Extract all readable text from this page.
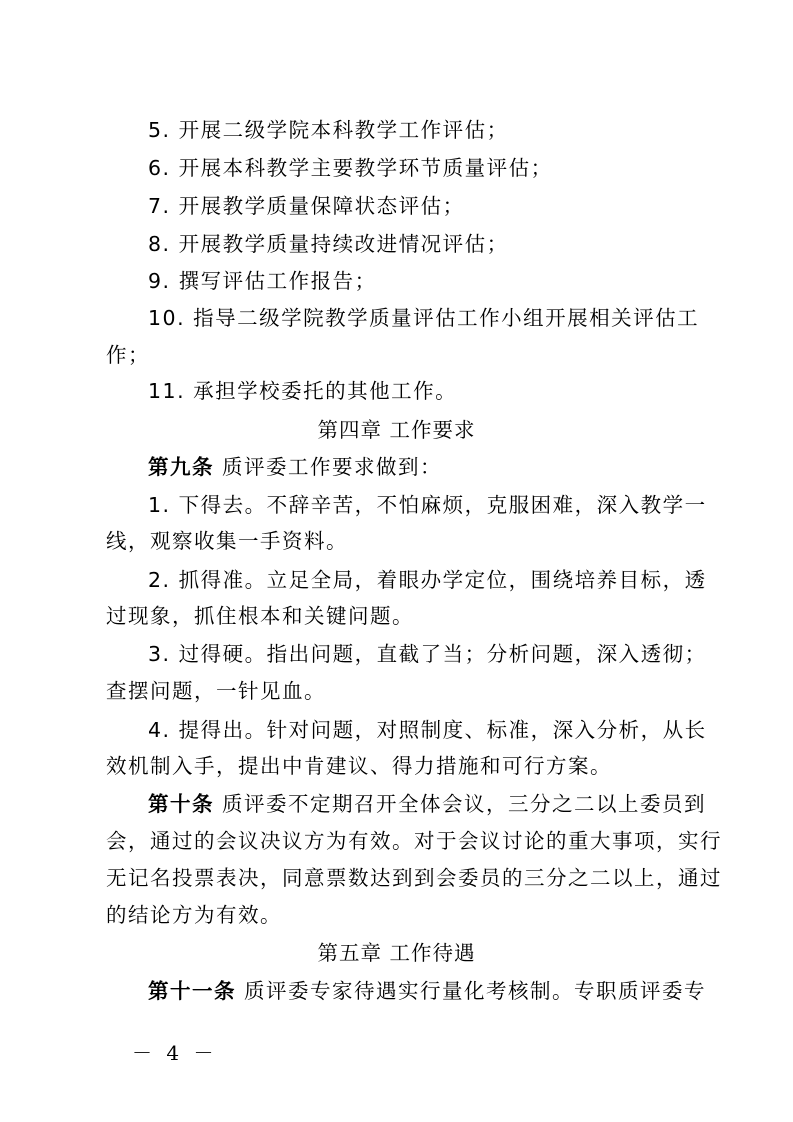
5. 开展二级学院本科教学工作评估；
6. 开展本科教学主要教学环节质量评估；
7. 开展教学质量保障状态评估；
8. 开展教学质量持续改进情况评估；
9. 撰写评估工作报告；
10. 指导二级学院教学质量评估工作小组开展相关评估工
作；
11. 承担学校委托的其他工作。
第四章 工作要求
第九条 质评委工作要求做到：
1. 下得去。不辞辛苦，不怕麻烦，克服困难，深入教学一
线，观察收集一手资料。
2. 抓得准。立足全局，着眼办学定位，围绕培养目标，透
过现象，抓住根本和关键问题。
3. 过得硬。指出问题，直截了当；分析问题，深入透彻；
查摆问题，一针见血。
4. 提得出。针对问题，对照制度、标准，深入分析，从长
效机制入手，提出中肯建议、得力措施和可行方案。
第十条 质评委不定期召开全体会议，三分之二以上委员到
会，通过的会议决议方为有效。对于会议讨论的重大事项，实行
无记名投票表决，同意票数达到到会委员的三分之二以上，通过
的结论方为有效。
第五章 工作待遇
第十一条 质评委专家待遇实行量化考核制。专职质评委专
－ 4 －
